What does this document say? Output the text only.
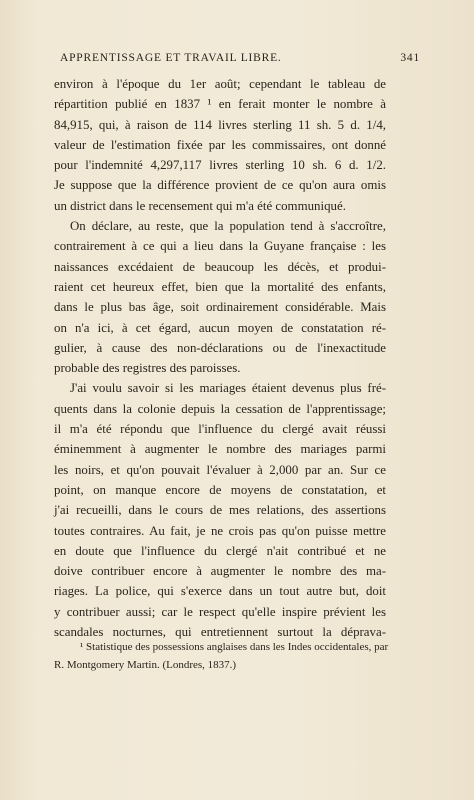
APPRENTISSAGE ET TRAVAIL LIBRE.	341
environ à l'époque du 1er août; cependant le tableau de
répartition publié en 1837 ¹ en ferait monter le nombre à
84,915, qui, à raison de 114 livres sterling 11 sh. 5 d. 1/4,
valeur de l'estimation fixée par les commissaires, ont donné
pour l'indemnité 4,297,117 livres sterling 10 sh. 6 d. 1/2.
Je suppose que la différence provient de ce qu'on aura omis
un district dans le recensement qui m'a été communiqué.
On déclare, au reste, que la population tend à s'accroître,
contrairement à ce qui a lieu dans la Guyane française : les
naissances excédaient de beaucoup les décès, et produi-
raient cet heureux effet, bien que la mortalité des enfants,
dans le plus bas âge, soit ordinairement considérable. Mais
on n'a ici, à cet égard, aucun moyen de constatation ré-
gulier, à cause des non-déclarations ou de l'inexactitude
probable des registres des paroisses.
J'ai voulu savoir si les mariages étaient devenus plus fré-
quents dans la colonie depuis la cessation de l'apprentissage;
il m'a été répondu que l'influence du clergé avait réussi
éminemment à augmenter le nombre des mariages parmi
les noirs, et qu'on pouvait l'évaluer à 2,000 par an. Sur ce
point, on manque encore de moyens de constatation, et
j'ai recueilli, dans le cours de mes relations, des assertions
toutes contraires. Au fait, je ne crois pas qu'on puisse mettre
en doute que l'influence du clergé n'ait contribué et ne
doive contribuer encore à augmenter le nombre des ma-
riages. La police, qui s'exerce dans un tout autre but, doit
y contribuer aussi; car le respect qu'elle inspire prévient les
scandales nocturnes, qui entretiennent surtout la déprava-
¹ Statistique des possessions anglaises dans les Indes occidentales, par
R. Montgomery Martin. (Londres, 1837.)
